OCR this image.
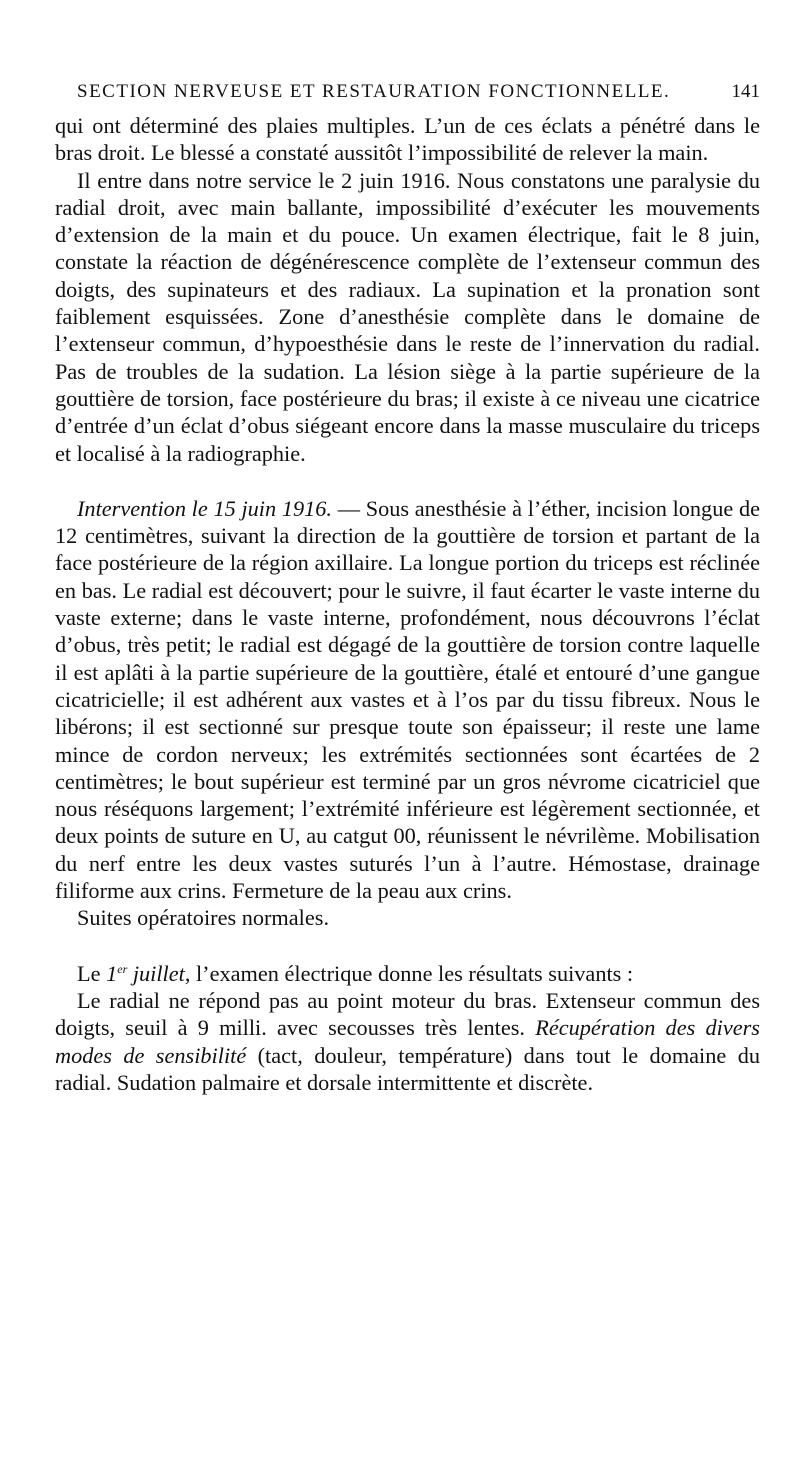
SECTION NERVEUSE ET RESTAURATION FONCTIONNELLE.	141

qui ont déterminé des plaies multiples. L’un de ces éclats a pénétré dans le bras droit. Le blessé a constaté aussitôt l’impossibilité de relever la main.

Il entre dans notre service le 2 juin 1916. Nous constatons une paralysie du radial droit, avec main ballante, impossibilité d’exécuter les mouvements d’extension de la main et du pouce. Un examen électrique, fait le 8 juin, constate la réaction de dégénérescence complète de l’extenseur commun des doigts, des supinateurs et des radiaux. La supination et la pronation sont faiblement esquissées. Zone d’anesthésie complète dans le domaine de l’extenseur commun, d’hypoesthésie dans le reste de l’innervation du radial. Pas de troubles de la sudation. La lésion siège à la partie supérieure de la gouttière de torsion, face postérieure du bras; il existe à ce niveau une cicatrice d’entrée d’un éclat d’obus siégeant encore dans la masse musculaire du triceps et localisé à la radiographie.

Intervention le 15 juin 1916. — Sous anesthésie à l’éther, incision longue de 12 centimètres, suivant la direction de la gouttière de torsion et partant de la face postérieure de la région axillaire. La longue portion du triceps est réclinée en bas. Le radial est découvert; pour le suivre, il faut écarter le vaste interne du vaste externe; dans le vaste interne, profondément, nous découvrons l’éclat d’obus, très petit; le radial est dégagé de la gouttière de torsion contre laquelle il est aplâti à la partie supérieure de la gouttière, étalé et entouré d’une gangue cicatricielle; il est adhérent aux vastes et à l’os par du tissu fibreux. Nous le libérons; il est sectionné sur presque toute son épaisseur; il reste une lame mince de cordon nerveux; les extrémités sectionnées sont écartées de 2 centimètres; le bout supérieur est terminé par un gros névrome cicatriciel que nous réséquons largement; l’extrémité inférieure est légèrement sectionnée, et deux points de suture en U, au catgut 00, réunissent le névrilème. Mobilisation du nerf entre les deux vastes suturés l’un à l’autre. Hémostase, drainage filiforme aux crins. Fermeture de la peau aux crins.

Suites opératoires normales.

Le 1er juillet, l’examen électrique donne les résultats suivants :

Le radial ne répond pas au point moteur du bras. Extenseur commun des doigts, seuil à 9 milli. avec secousses très lentes. Récupération des divers modes de sensibilité (tact, douleur, température) dans tout le domaine du radial. Sudation palmaire et dorsale intermittente et discrète.
